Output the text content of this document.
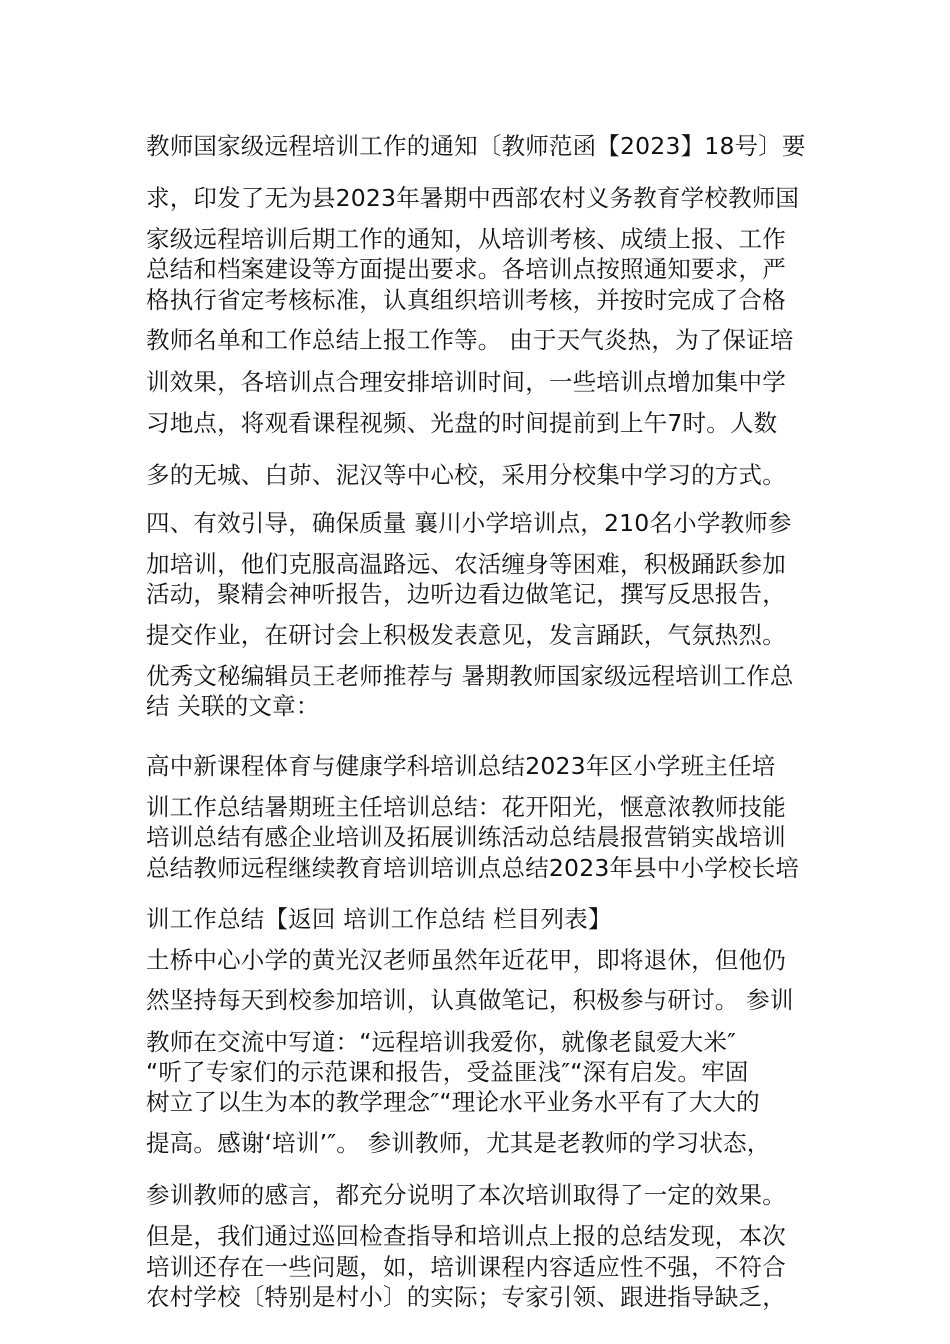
教师国家级远程培训工作的通知〔教师范函【2023】18号〕要
求，印发了无为县2023年暑期中西部农村义务教育学校教师国
家级远程培训后期工作的通知，从培训考核、成绩上报、工作
总结和档案建设等方面提出要求。各培训点按照通知要求，严
格执行省定考核标准，认真组织培训考核，并按时完成了合格
教师名单和工作总结上报工作等。 由于天气炎热，为了保证培
训效果，各培训点合理安排培训时间，一些培训点增加集中学
习地点，将观看课程视频、光盘的时间提前到上午7时。人数
多的无城、白茆、泥汉等中心校，采用分校集中学习的方式。
四、有效引导，确保质量 襄川小学培训点，210名小学教师参
加培训，他们克服高温路远、农活缠身等困难，积极踊跃参加
活动，聚精会神听报告，边听边看边做笔记，撰写反思报告，
提交作业，在研讨会上积极发表意见，发言踊跃，气氛热烈。
优秀文秘编辑员王老师推荐与 暑期教师国家级远程培训工作总
结 关联的文章：
高中新课程体育与健康学科培训总结2023年区小学班主任培
训工作总结暑期班主任培训总结：花开阳光，惬意浓教师技能
培训总结有感企业培训及拓展训练活动总结晨报营销实战培训
总结教师远程继续教育培训培训点总结2023年县中小学校长培
训工作总结【返回 培训工作总结 栏目列表】
土桥中心小学的黄光汉老师虽然年近花甲，即将退休，但他仍
然坚持每天到校参加培训，认真做笔记，积极参与研讨。 参训
教师在交流中写道：“远程培训我爱你，就像老鼠爱大米″
“听了专家们的示范课和报告，受益匪浅″“深有启发。牢固
树立了以生为本的教学理念″“理论水平业务水平有了大大的
提高。感谢‘培训’″。 参训教师，尤其是老教师的学习状态，
参训教师的感言，都充分说明了本次培训取得了一定的效果。
但是，我们通过巡回检查指导和培训点上报的总结发现，本次
培训还存在一些问题，如，培训课程内容适应性不强，不符合
农村学校〔特别是村小〕的实际；专家引领、跟进指导缺乏，
